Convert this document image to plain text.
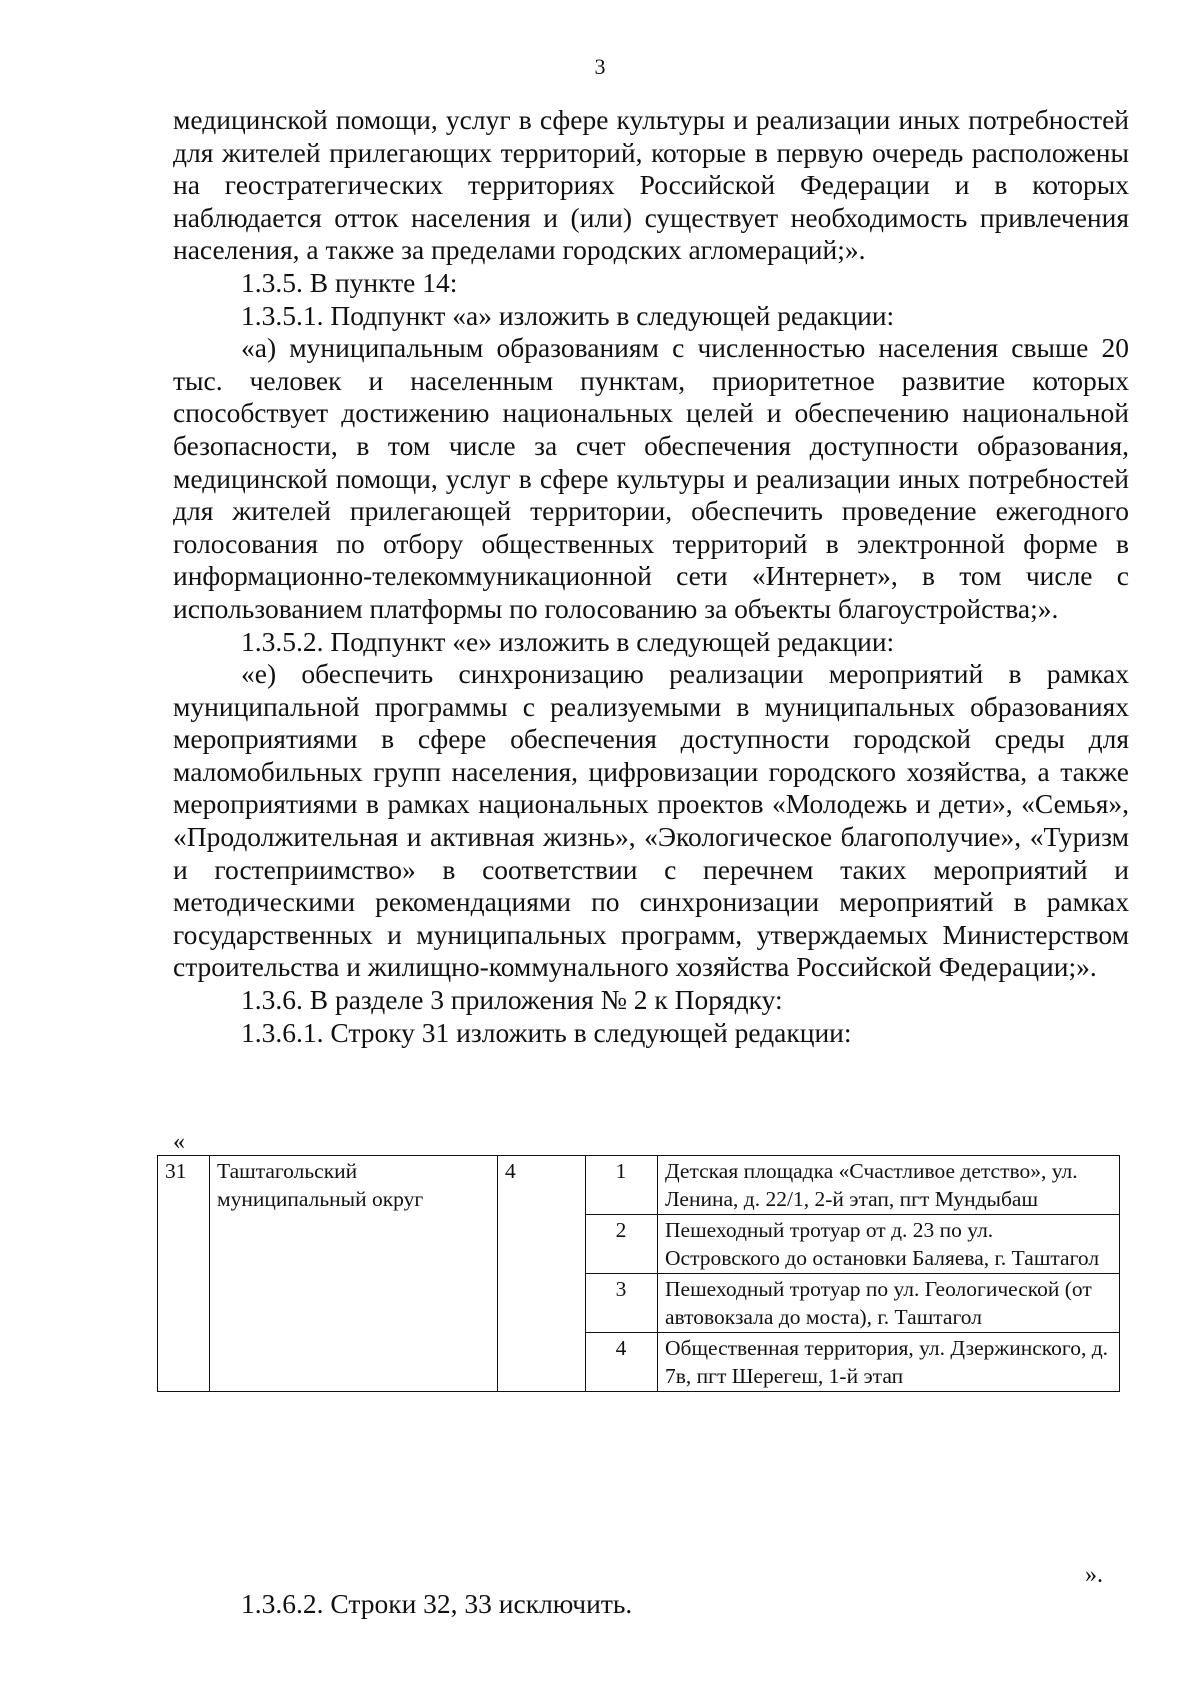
3

медицинской помощи, услуг в сфере культуры и реализации иных потребностей для жителей прилегающих территорий, которые в первую очередь расположены на геостратегических территориях Российской Федерации и в которых наблюдается отток населения и (или) существует необходимость привлечения населения, а также за пределами городских агломераций;».

1.3.5. В пункте 14:

1.3.5.1. Подпункт «а» изложить в следующей редакции:

«а) муниципальным образованиям с численностью населения свыше 20 тыс. человек и населенным пунктам, приоритетное развитие которых способствует достижению национальных целей и обеспечению национальной безопасности, в том числе за счет обеспечения доступности образования, медицинской помощи, услуг в сфере культуры и реализации иных потребностей для жителей прилегающей территории, обеспечить проведение ежегодного голосования по отбору общественных территорий в электронной форме в информационно-телекоммуникационной сети «Интернет», в том числе с использованием платформы по голосованию за объекты благоустройства;».

1.3.5.2. Подпункт «е» изложить в следующей редакции:

«е) обеспечить синхронизацию реализации мероприятий в рамках муниципальной программы с реализуемыми в муниципальных образованиях мероприятиями в сфере обеспечения доступности городской среды для маломобильных групп населения, цифровизации городского хозяйства, а также мероприятиями в рамках национальных проектов «Молодежь и дети», «Семья», «Продолжительная и активная жизнь», «Экологическое благополучие», «Туризм и гостеприимство» в соответствии с перечнем таких мероприятий и методическими рекомендациями по синхронизации мероприятий в рамках государственных и муниципальных программ, утверждаемых Министерством строительства и жилищно-коммунального хозяйства Российской Федерации;».

1.3.6. В разделе 3 приложения № 2 к Порядку:

1.3.6.1. Строку 31 изложить в следующей редакции:

«
31	Таштагольский муниципальный округ	4	1	Детская площадка «Счастливое детство», ул. Ленина, д. 22/1, 2-й этап, пгт Мундыбаш
			2	Пешеходный тротуар от д. 23 по ул. Островского до остановки Баляева, г. Таштагол
			3	Пешеходный тротуар по ул. Геологической (от автовокзала до моста), г. Таштагол
			4	Общественная территория, ул. Дзержинского, д. 7в, пгт Шерегеш, 1-й этап
».
1.3.6.2. Строки 32, 33 исключить.
